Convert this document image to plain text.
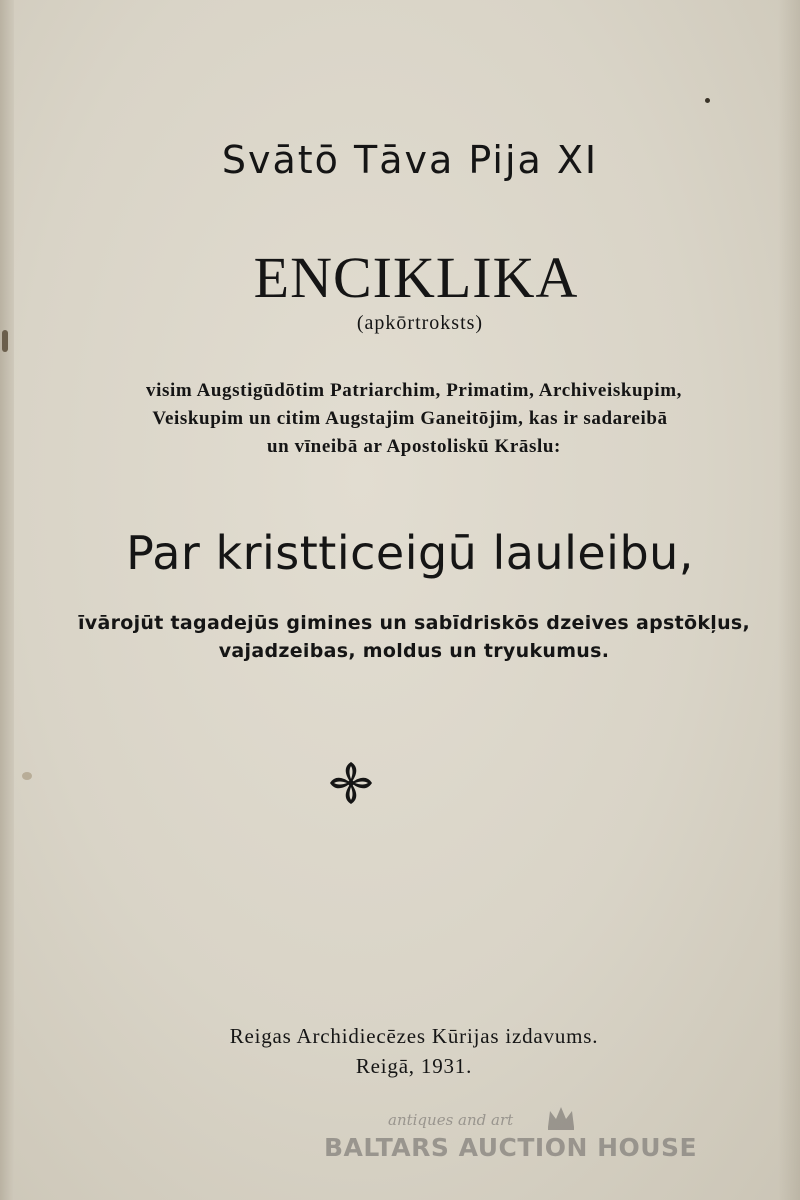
Svātō Tāva Pija XI
ENCIKLIKA
(apkōrtroksts)
visim Augstigūdōtim Patriarchim, Primatim, Archiveiskupim,
Veiskupim un citim Augstajim Ganeitōjim, kas ir sadareibā
un vīneibā ar Apostoliskū Krāslu:
Par kristticeigū lauleibu,
īvārojūt tagadejūs gimines un sabīdriskōs dzeives apstōkļus,
vajadzeibas, moldus un tryukumus.
Reigas Archidiecēzes Kūrijas izdavums.
Reigā, 1931.
antiques and art
BALTARS AUCTION HOUSE
